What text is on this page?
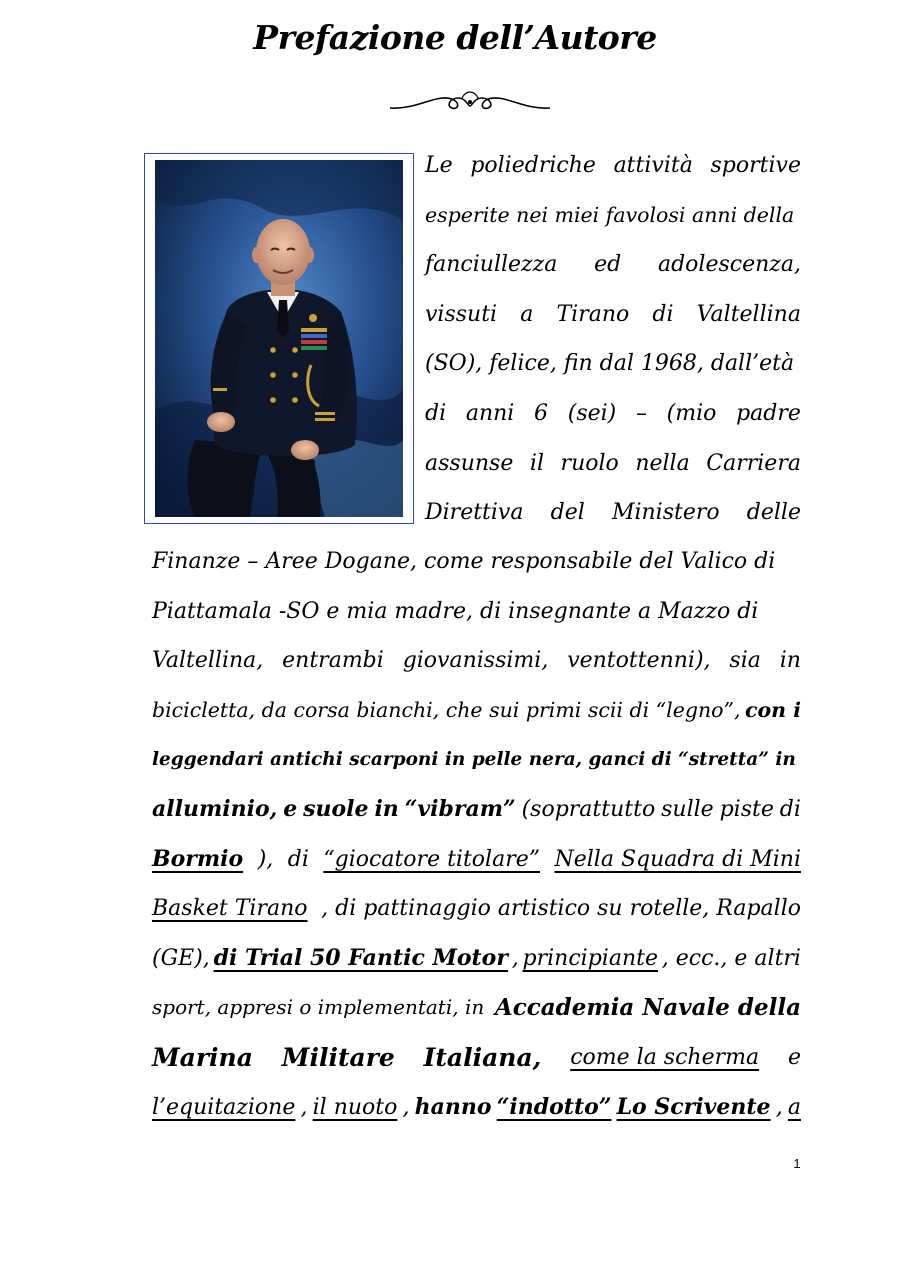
Prefazione dell’Autore
Le poliedriche attività sportive
esperite nei miei favolosi anni della
fanciullezza ed adolescenza,
vissuti a Tirano di Valtellina
(SO), felice, fin dal 1968, dall’età
di anni 6 (sei) – (mio padre
assunse il ruolo nella Carriera
Direttiva del Ministero delle
Finanze – Aree Dogane, come responsabile del Valico di
Piattamala -SO e mia madre, di insegnante a Mazzo di
Valtellina, entrambi giovanissimi, ventottenni), sia in
bicicletta, da corsa bianchi, che sui primi scii di “legno”, con i
leggendari antichi scarponi in pelle nera, ganci di “stretta” in
alluminio, e suole in “vibram” (soprattutto sulle piste di
Bormio ), di “giocatore titolare” Nella Squadra di Mini
Basket Tirano , di pattinaggio artistico su rotelle, Rapallo
(GE), di Trial 50 Fantic Motor , principiante , ecc., e altri
sport, appresi o implementati, in Accademia Navale della
Marina Militare Italiana, come la scherma e
l’equitazione , il nuoto , hanno “indotto” Lo Scrivente , a
1
